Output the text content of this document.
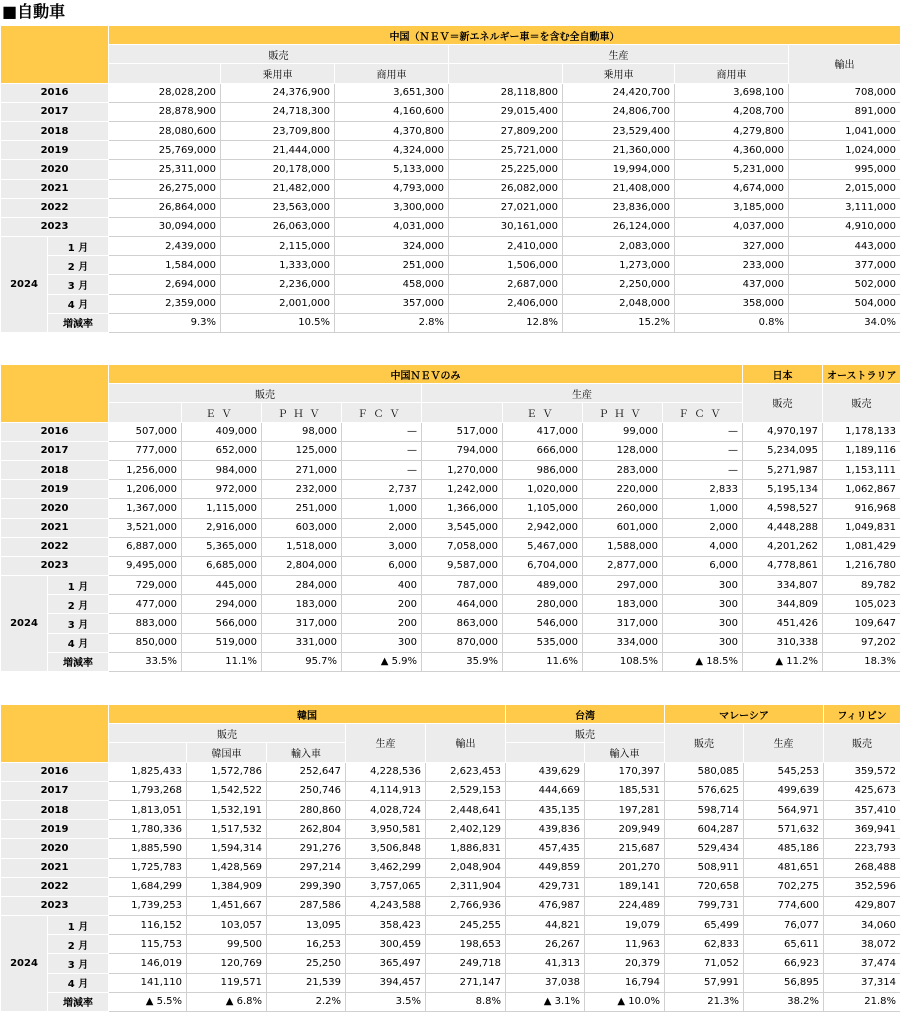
■自動車
		中国（ＮＥＶ＝新エネルギー車＝を含む全自動車）						
		販売			生産			輸出
			乗用車	商用車		乗用車	商用車	
2016		28,028,200	24,376,900	3,651,300	28,118,800	24,420,700	3,698,100	708,000
2017		28,878,900	24,718,300	4,160,600	29,015,400	24,806,700	4,208,700	891,000
2018		28,080,600	23,709,800	4,370,800	27,809,200	23,529,400	4,279,800	1,041,000
2019		25,769,000	21,444,000	4,324,000	25,721,000	21,360,000	4,360,000	1,024,000
2020		25,311,000	20,178,000	5,133,000	25,225,000	19,994,000	5,231,000	995,000
2021		26,275,000	21,482,000	4,793,000	26,082,000	21,408,000	4,674,000	2,015,000
2022		26,864,000	23,563,000	3,300,000	27,021,000	23,836,000	3,185,000	3,111,000
2023		30,094,000	26,063,000	4,031,000	30,161,000	26,124,000	4,037,000	4,910,000
2024	1 月	2,439,000	2,115,000	324,000	2,410,000	2,083,000	327,000	443,000
	2 月	1,584,000	1,333,000	251,000	1,506,000	1,273,000	233,000	377,000
	3 月	2,694,000	2,236,000	458,000	2,687,000	2,250,000	437,000	502,000
	4 月	2,359,000	2,001,000	357,000	2,406,000	2,048,000	358,000	504,000
	増減率	9.3%	10.5%	2.8%	12.8%	15.2%	0.8%	34.0%
		中国ＮＥＶのみ								日本	オーストラリア
		販売				生産				販売	販売
			ＥＶ	ＰＨＶ	ＦＣＶ		ＥＶ	ＰＨＶ	ＦＣＶ		
2016		507,000	409,000	98,000	—	517,000	417,000	99,000	—	4,970,197	1,178,133
2017		777,000	652,000	125,000	—	794,000	666,000	128,000	—	5,234,095	1,189,116
2018		1,256,000	984,000	271,000	—	1,270,000	986,000	283,000	—	5,271,987	1,153,111
2019		1,206,000	972,000	232,000	2,737	1,242,000	1,020,000	220,000	2,833	5,195,134	1,062,867
2020		1,367,000	1,115,000	251,000	1,000	1,366,000	1,105,000	260,000	1,000	4,598,527	916,968
2021		3,521,000	2,916,000	603,000	2,000	3,545,000	2,942,000	601,000	2,000	4,448,288	1,049,831
2022		6,887,000	5,365,000	1,518,000	3,000	7,058,000	5,467,000	1,588,000	4,000	4,201,262	1,081,429
2023		9,495,000	6,685,000	2,804,000	6,000	9,587,000	6,704,000	2,877,000	6,000	4,778,861	1,216,780
2024	1 月	729,000	445,000	284,000	400	787,000	489,000	297,000	300	334,807	89,782
	2 月	477,000	294,000	183,000	200	464,000	280,000	183,000	300	344,809	105,023
	3 月	883,000	566,000	317,000	200	863,000	546,000	317,000	300	451,426	109,647
	4 月	850,000	519,000	331,000	300	870,000	535,000	334,000	300	310,338	97,202
	増減率	33.5%	11.1%	95.7%	▲ 5.9%	35.9%	11.6%	108.5%	▲ 18.5%	▲ 11.2%	18.3%
		韓国					台湾		マレーシア		フィリピン
		販売			生産	輸出	販売		販売	生産	販売
			韓国車	輸入車				輸入車			
2016		1,825,433	1,572,786	252,647	4,228,536	2,623,453	439,629	170,397	580,085	545,253	359,572
2017		1,793,268	1,542,522	250,746	4,114,913	2,529,153	444,669	185,531	576,625	499,639	425,673
2018		1,813,051	1,532,191	280,860	4,028,724	2,448,641	435,135	197,281	598,714	564,971	357,410
2019		1,780,336	1,517,532	262,804	3,950,581	2,402,129	439,836	209,949	604,287	571,632	369,941
2020		1,885,590	1,594,314	291,276	3,506,848	1,886,831	457,435	215,687	529,434	485,186	223,793
2021		1,725,783	1,428,569	297,214	3,462,299	2,048,904	449,859	201,270	508,911	481,651	268,488
2022		1,684,299	1,384,909	299,390	3,757,065	2,311,904	429,731	189,141	720,658	702,275	352,596
2023		1,739,253	1,451,667	287,586	4,243,588	2,766,936	476,987	224,489	799,731	774,600	429,807
2024	1 月	116,152	103,057	13,095	358,423	245,255	44,821	19,079	65,499	76,077	34,060
	2 月	115,753	99,500	16,253	300,459	198,653	26,267	11,963	62,833	65,611	38,072
	3 月	146,019	120,769	25,250	365,497	249,718	41,313	20,379	71,052	66,923	37,474
	4 月	141,110	119,571	21,539	394,457	271,147	37,038	16,794	57,991	56,895	37,314
	増減率	▲ 5.5%	▲ 6.8%	2.2%	3.5%	8.8%	▲ 3.1%	▲ 10.0%	21.3%	38.2%	21.8%
